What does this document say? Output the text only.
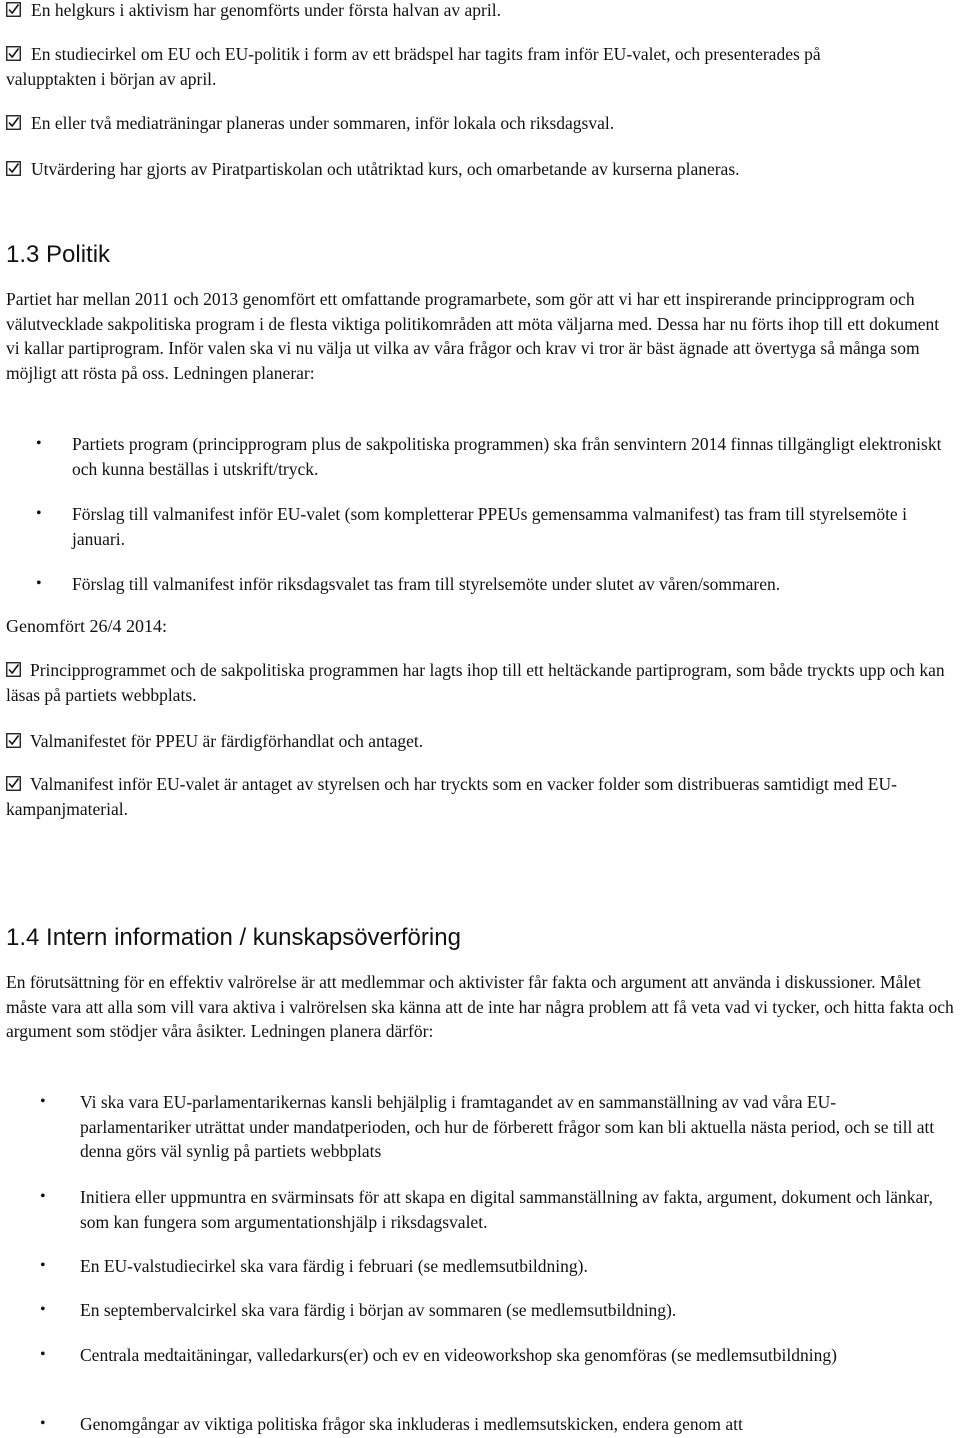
En helgkurs i aktivism har genomförts under första halvan av april.
En studiecirkel om EU och EU-politik i form av ett brädspel har tagits fram inför EU-valet, och presenterades på valupptakten i början av april.
En eller två mediaträningar planeras under sommaren, inför lokala och riksdagsval.
Utvärdering har gjorts av Piratpartiskolan och utåtriktad kurs, och omarbetande av kurserna planeras.
1.3 Politik
Partiet har mellan 2011 och 2013 genomfört ett omfattande programarbete, som gör att vi har ett inspirerande principprogram och välutvecklade sakpolitiska program i de flesta viktiga politikområden att möta väljarna med. Dessa har nu förts ihop till ett dokument vi kallar partiprogram. Inför valen ska vi nu välja ut vilka av våra frågor och krav vi tror är bäst ägnade att övertyga så många som möjligt att rösta på oss. Ledningen planerar:
• Partiets program (principprogram plus de sakpolitiska programmen) ska från senvintern 2014 finnas tillgängligt elektroniskt och kunna beställas i utskrift/tryck.
• Förslag till valmanifest inför EU-valet (som kompletterar PPEUs gemensamma valmanifest) tas fram till styrelsemöte i januari.
• Förslag till valmanifest inför riksdagsvalet tas fram till styrelsemöte under slutet av våren/sommaren.
Genomfört 26/4 2014:
Principprogrammet och de sakpolitiska programmen har lagts ihop till ett heltäckande partiprogram, som både tryckts upp och kan läsas på partiets webbplats.
Valmanifestet för PPEU är färdigförhandlat och antaget.
Valmanifest inför EU-valet är antaget av styrelsen och har tryckts som en vacker folder som distribueras samtidigt med EU-kampanjmaterial.
1.4 Intern information / kunskapsöverföring
En förutsättning för en effektiv valrörelse är att medlemmar och aktivister får fakta och argument att använda i diskussioner. Målet måste vara att alla som vill vara aktiva i valrörelsen ska känna att de inte har några problem att få veta vad vi tycker, och hitta fakta och argument som stödjer våra åsikter. Ledningen planera därför:
• Vi ska vara EU-parlamentarikernas kansli behjälplig i framtagandet av en sammanställning av vad våra EU-parlamentariker uträttat under mandatperioden, och hur de förberett frågor som kan bli aktuella nästa period, och se till att denna görs väl synlig på partiets webbplats
• Initiera eller uppmuntra en svärminsats för att skapa en digital sammanställning av fakta, argument, dokument och länkar, som kan fungera som argumentationshjälp i riksdagsvalet.
• En EU-valstudiecirkel ska vara färdig i februari (se medlemsutbildning).
• En septembervalcirkel ska vara färdig i början av sommaren (se medlemsutbildning).
• Centrala medtaitäningar, valledarkurs(er) och ev en videoworkshop ska genomföras (se medlemsutbildning)
• Genomgångar av viktiga politiska frågor ska inkluderas i medlemsutskicken, endera genom att
